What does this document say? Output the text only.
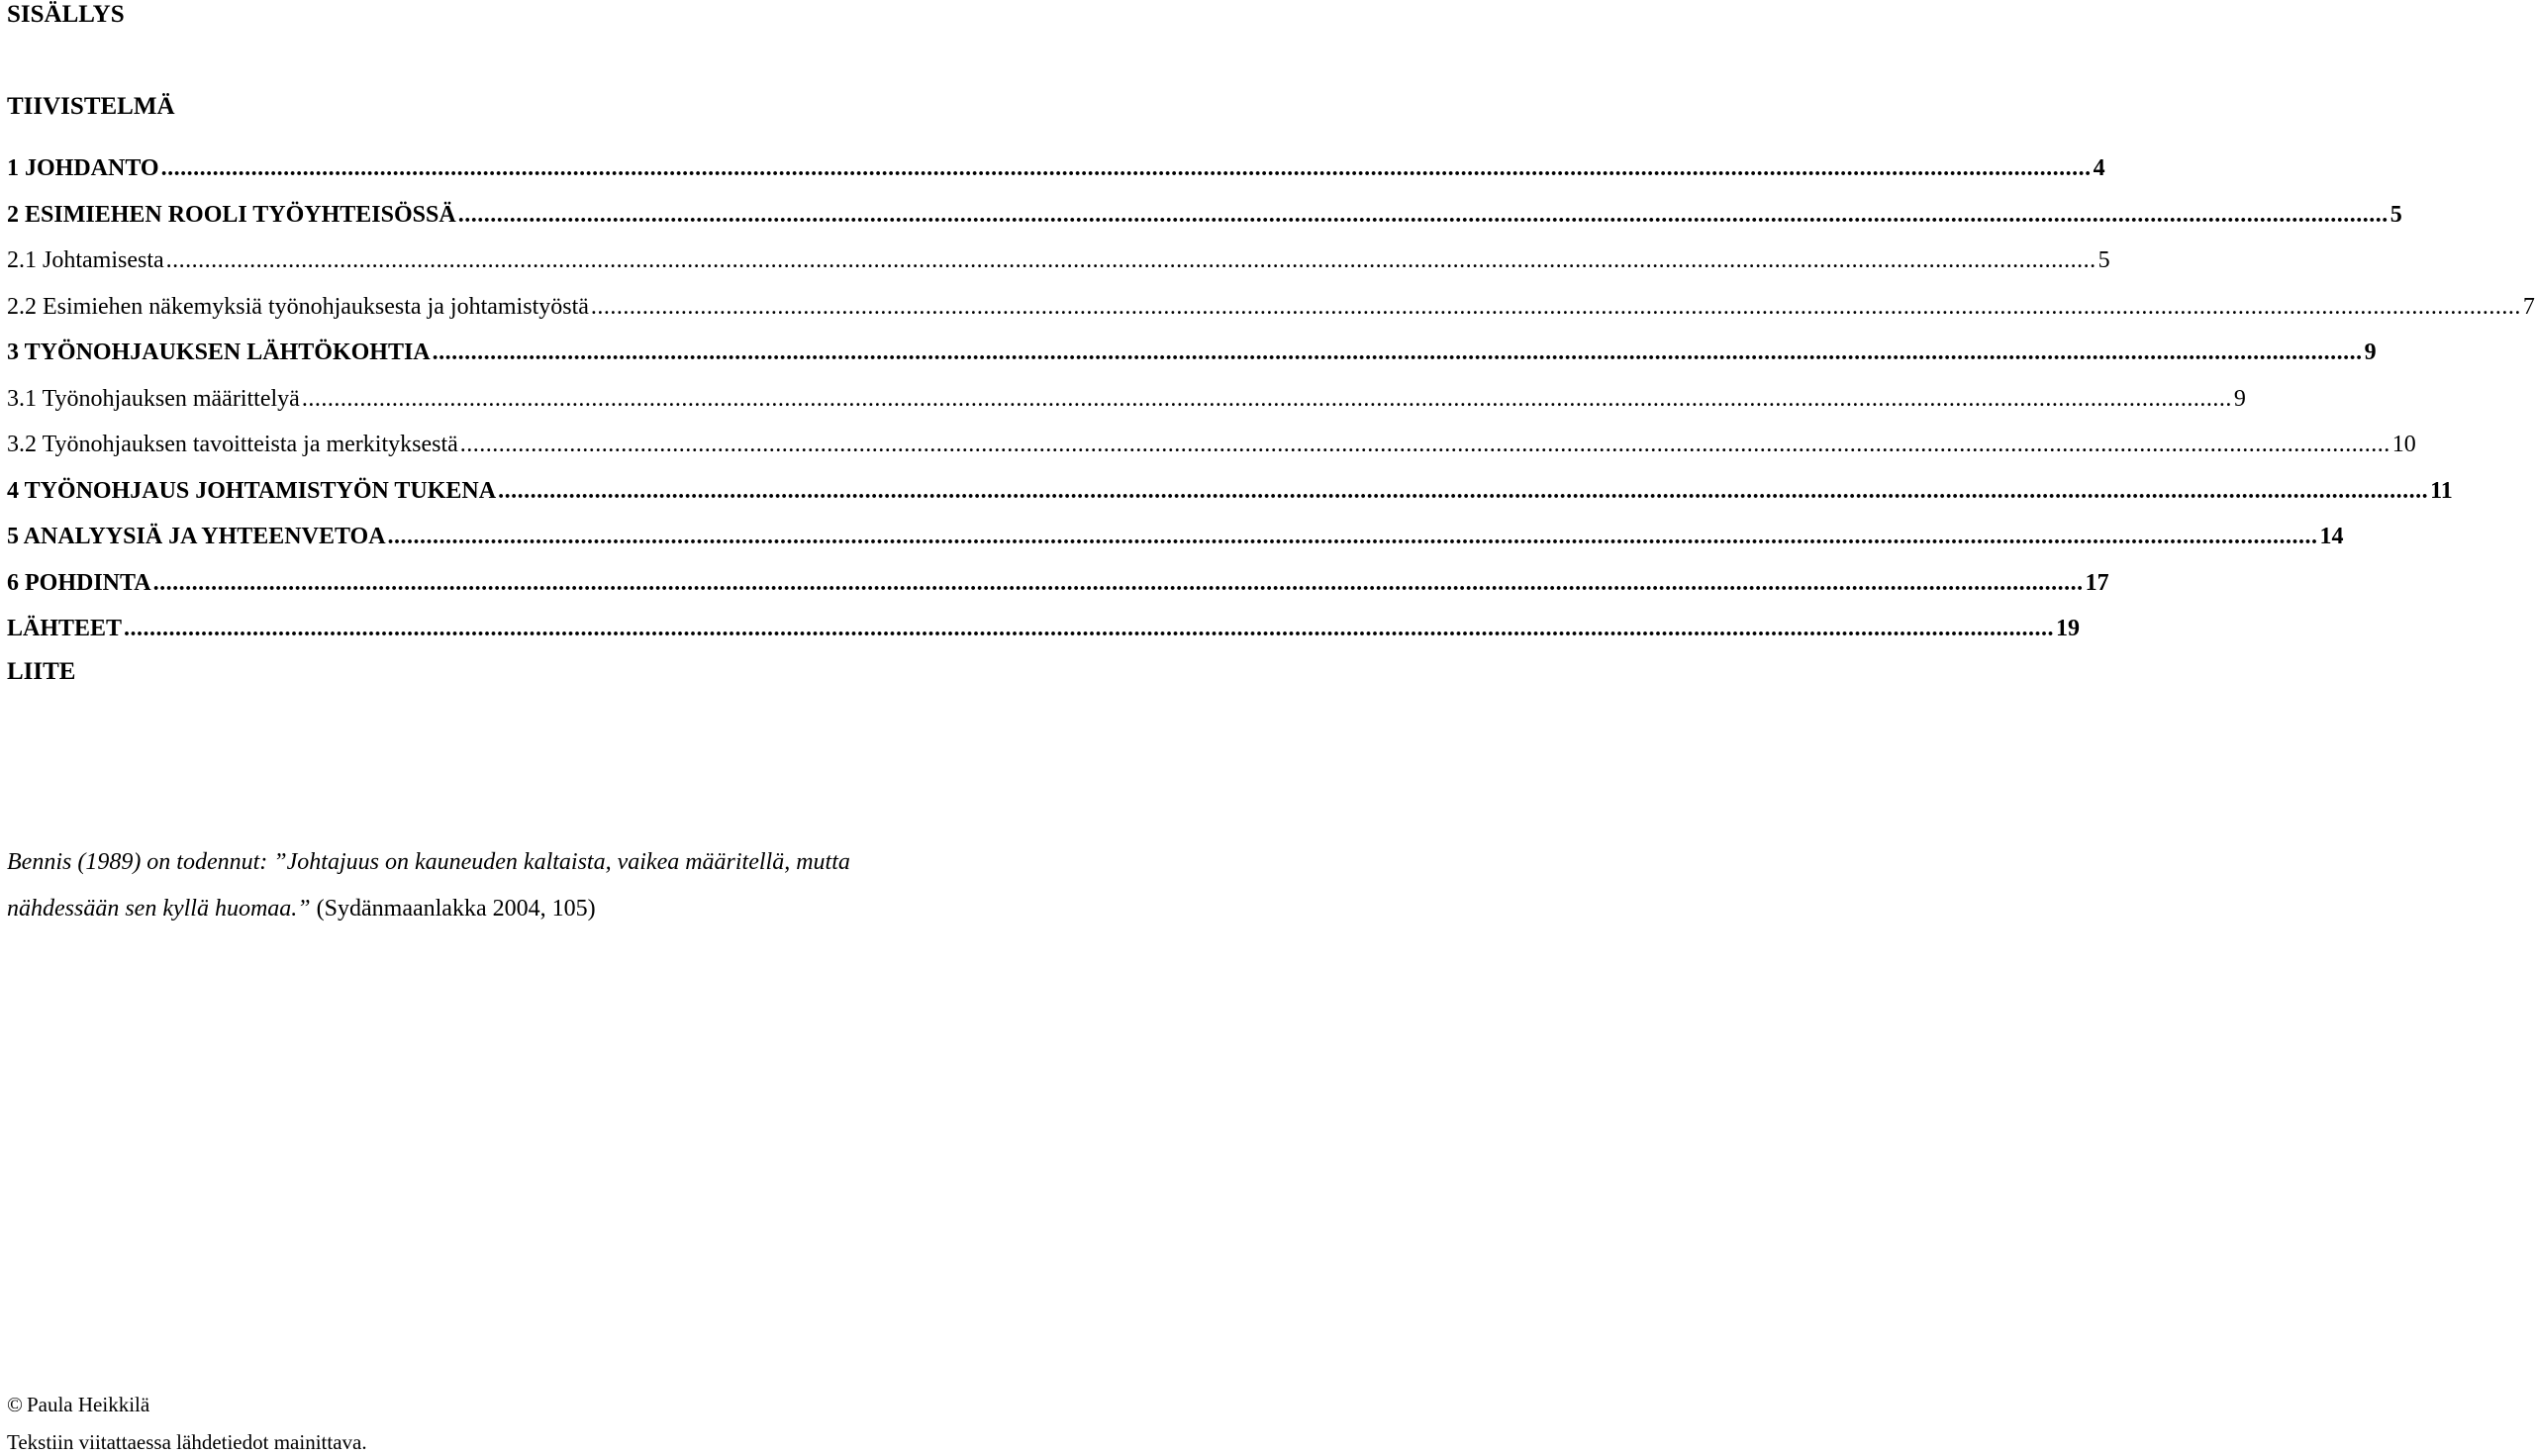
SISÄLLYS
TIIVISTELMÄ
1 JOHDANTO ............................................................................................................................................................................................................................................................................................................ 4
2 ESIMIEHEN ROOLI TYÖYHTEISÖSSÄ ............................................................................................................................................................................................................................................................................................................ 5
2.1 Johtamisesta ............................................................................................................................................................................................................................................................................................................ 5
2.2 Esimiehen näkemyksiä työnohjauksesta ja johtamistyöstä ............................................................................................................................................................................................................................................................................................................ 7
3 TYÖNOHJAUKSEN LÄHTÖKOHTIA ............................................................................................................................................................................................................................................................................................................ 9
3.1 Työnohjauksen määrittelyä ............................................................................................................................................................................................................................................................................................................ 9
3.2 Työnohjauksen tavoitteista ja merkityksestä ............................................................................................................................................................................................................................................................................................................ 10
4 TYÖNOHJAUS JOHTAMISTYÖN TUKENA ............................................................................................................................................................................................................................................................................................................ 11
5 ANALYYSIÄ JA YHTEENVETOA ............................................................................................................................................................................................................................................................................................................ 14
6 POHDINTA ............................................................................................................................................................................................................................................................................................................ 17
LÄHTEET ............................................................................................................................................................................................................................................................................................................ 19
LIITE
Bennis (1989) on todennut: ”Johtajuus on kauneuden kaltaista, vaikea määritellä, mutta nähdessään sen kyllä huomaa.” (Sydänmaanlakka 2004, 105)
© Paula Heikkilä
Tekstiin viitattaessa lähdetiedot mainittava.
